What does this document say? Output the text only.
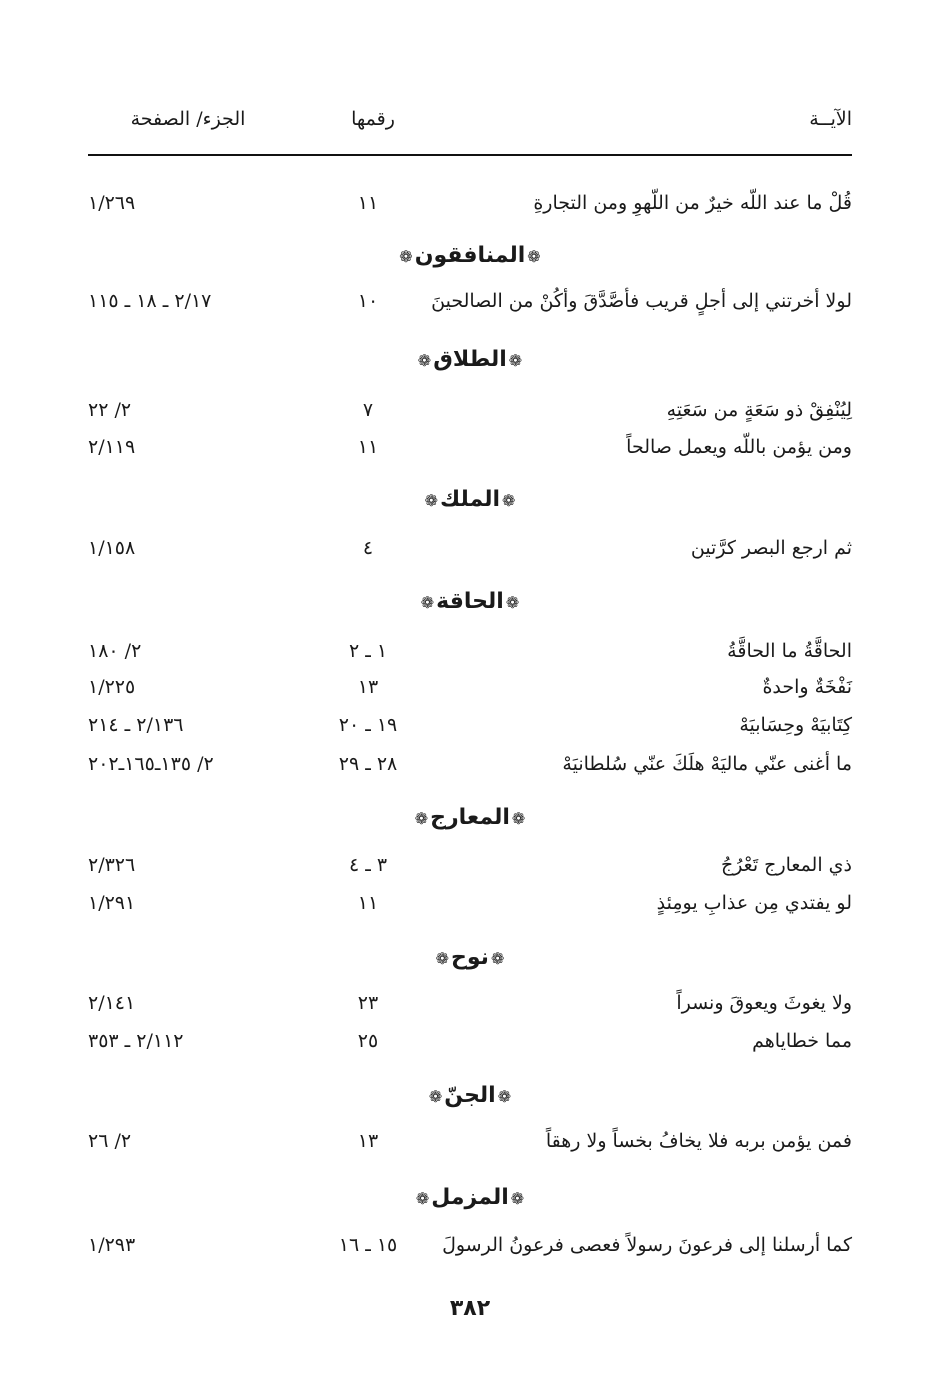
الآيــة
رقمها
الجزء/ الصفحة
قُلْ ما عند اللّه خيرٌ من اللّهوِ ومن التجارةِ
١١
١/٢٦٩
❁المنافقون❁
لولا أخرتني إلى أجلٍ قريب فأصَّدَّقَ وأكُنْ من الصالحينَ
١٠
٢/١٧ ـ ١٨ ـ ١١٥
❁الطلاق❁
لِيُنْفِقْ ذو سَعَةٍ من سَعَتِهِ
٧
٢/ ٢٢
ومن يؤمن باللّه ويعمل صالحاً
١١
٢/١١٩
❁الملك❁
ثم ارجع البصر كرَّتين
٤
١/١٥٨
❁الحاقة❁
الحاقَّةُ ما الحاقَّةُ
١ ـ ٢
٢/ ١٨٠
نَفْخَةٌ واحدةٌ
١٣
١/٢٢٥
كِتَابيَهْ وحِسَابيَهْ
١٩ ـ ٢٠
٢/١٣٦ ـ ٢١٤
ما أغنى عنّي ماليَهْ هلَكَ عنّي سُلطانيَهْ
٢٨ ـ ٢٩
٢/ ١٣٥ـ١٦٥ـ٢٠٢
❁المعارج❁
ذي المعارج تَعْرُجُ
٣ ـ ٤
٢/٣٢٦
لو يفتدي مِن عذابِ يومِئذٍ
١١
١/٢٩١
❁نوح❁
ولا يغوثَ ويعوقَ ونسراً
٢٣
٢/١٤١
مما خطاياهم
٢٥
٢/١١٢ ـ ٣٥٣
❁الجنّ❁
فمن يؤمن بربه فلا يخافُ بخساً ولا رهقاً
١٣
٢/ ٢٦
❁المزمل❁
كما أرسلنا إلى فرعونَ رسولاً فعصى فرعونُ الرسولَ
١٥ ـ ١٦
١/٢٩٣
٣٨٢
